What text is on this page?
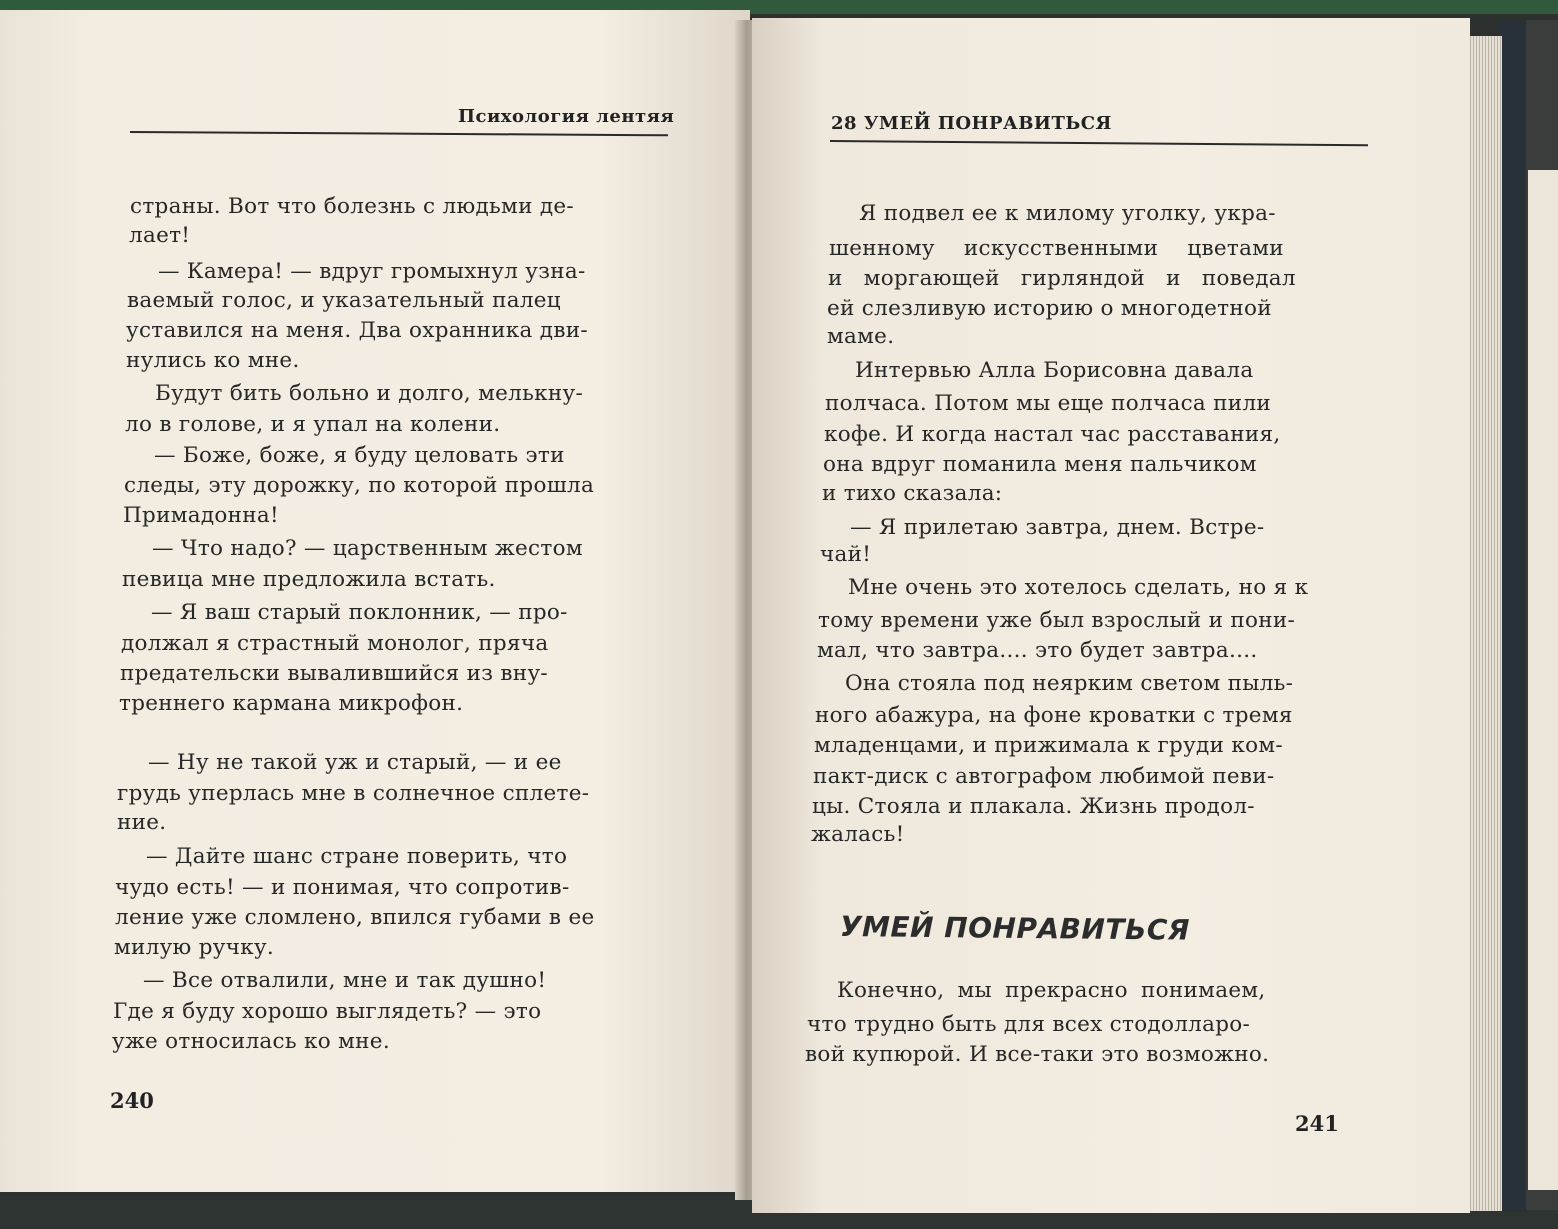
Психология лентяя
страны. Вот что болезнь с людьми де-
лает!
— Камера! — вдруг громыхнул узна-
ваемый голос, и указательный палец
уставился на меня. Два охранника дви-
нулись ко мне.
Будут бить больно и долго, мелькну-
ло в голове, и я упал на колени.
— Боже, боже, я буду целовать эти
следы, эту дорожку, по которой прошла
Примадонна!
— Что надо? — царственным жестом
певица мне предложила встать.
— Я ваш старый поклонник, — про-
должал я страстный монолог, пряча
предательски вывалившийся из вну-
треннего кармана микрофон.
— Ну не такой уж и старый, — и ее
грудь уперлась мне в солнечное сплете-
ние.
— Дайте шанс стране поверить, что
чудо есть! — и понимая, что сопротив-
ление уже сломлено, впился губами в ее
милую ручку.
— Все отвалили, мне и так душно!
Где я буду хорошо выглядеть? — это
уже относилась ко мне.
240
28 УМЕЙ ПОНРАВИТЬСЯ
Я подвел ее к милому уголку, укра-
шенному искусственными цветами
и моргающей гирляндой и поведал
ей слезливую историю о многодетной
маме.
Интервью Алла Борисовна давала
полчаса. Потом мы еще полчаса пили
кофе. И когда настал час расставания,
она вдруг поманила меня пальчиком
и тихо сказала:
— Я прилетаю завтра, днем. Встре-
чай!
Мне очень это хотелось сделать, но я к
тому времени уже был взрослый и пони-
мал, что завтра.... это будет завтра....
Она стояла под неярким светом пыль-
ного абажура, на фоне кроватки с тремя
младенцами, и прижимала к груди ком-
пакт-диск с автографом любимой певи-
цы. Стояла и плакала. Жизнь продол-
жалась!
УМЕЙ ПОНРАВИТЬСЯ
Конечно, мы прекрасно понимаем,
что трудно быть для всех стодолларо-
вой купюрой. И все-таки это возможно.
241
